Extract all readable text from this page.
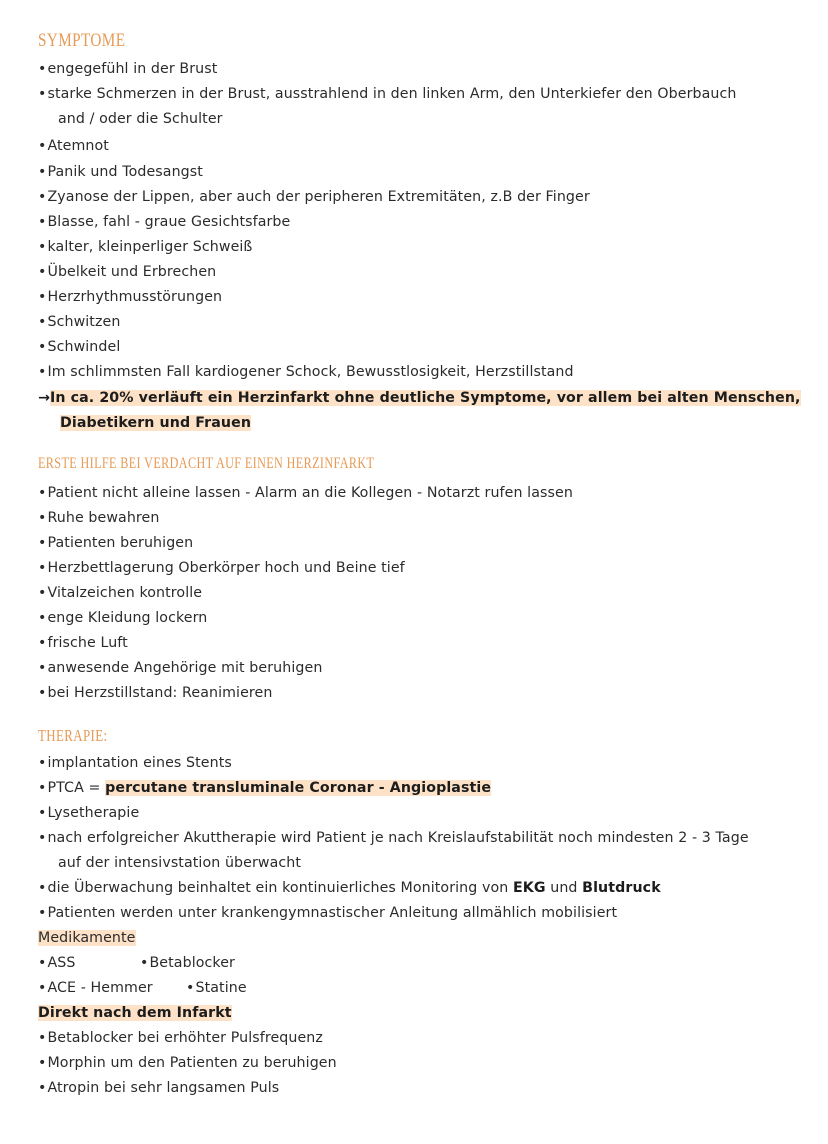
SYMPTOME
•engegefühl in der Brust
•starke Schmerzen in der Brust, ausstrahlend in den linken Arm, den Unterkiefer den Oberbauch
and / oder die Schulter
•Atemnot
•Panik und Todesangst
•Zyanose der Lippen, aber auch der peripheren Extremitäten, z.B der Finger
•Blasse, fahl - graue Gesichtsfarbe
•kalter, kleinperliger Schweiß
•Übelkeit und Erbrechen
•Herzrhythmusstörungen
•Schwitzen
•Schwindel
•Im schlimmsten Fall kardiogener Schock, Bewusstlosigkeit, Herzstillstand
→In ca. 20% verläuft ein Herzinfarkt ohne deutliche Symptome, vor allem bei alten Menschen,
Diabetikern und Frauen
ERSTE HILFE BEI VERDACHT AUF EINEN HERZINFARKT
•Patient nicht alleine lassen - Alarm an die Kollegen - Notarzt rufen lassen
•Ruhe bewahren
•Patienten beruhigen
•Herzbettlagerung Oberkörper hoch und Beine tief
•Vitalzeichen kontrolle
•enge Kleidung lockern
•frische Luft
•anwesende Angehörige mit beruhigen
•bei Herzstillstand: Reanimieren
THERAPIE:
•implantation eines Stents
•PTCA = percutane transluminale Coronar - Angioplastie
•Lysetherapie
•nach erfolgreicher Akuttherapie wird Patient je nach Kreislaufstabilität noch mindesten 2 - 3 Tage
auf der intensivstation überwacht
•die Überwachung beinhaltet ein kontinuierliches Monitoring von EKG und Blutdruck
•Patienten werden unter krankengymnastischer Anleitung allmählich mobilisiert
Medikamente
•ASS	•Betablocker
•ACE - Hemmer •Statine
Direkt nach dem Infarkt
•Betablocker bei erhöhter Pulsfrequenz
•Morphin um den Patienten zu beruhigen
•Atropin bei sehr langsamen Puls
